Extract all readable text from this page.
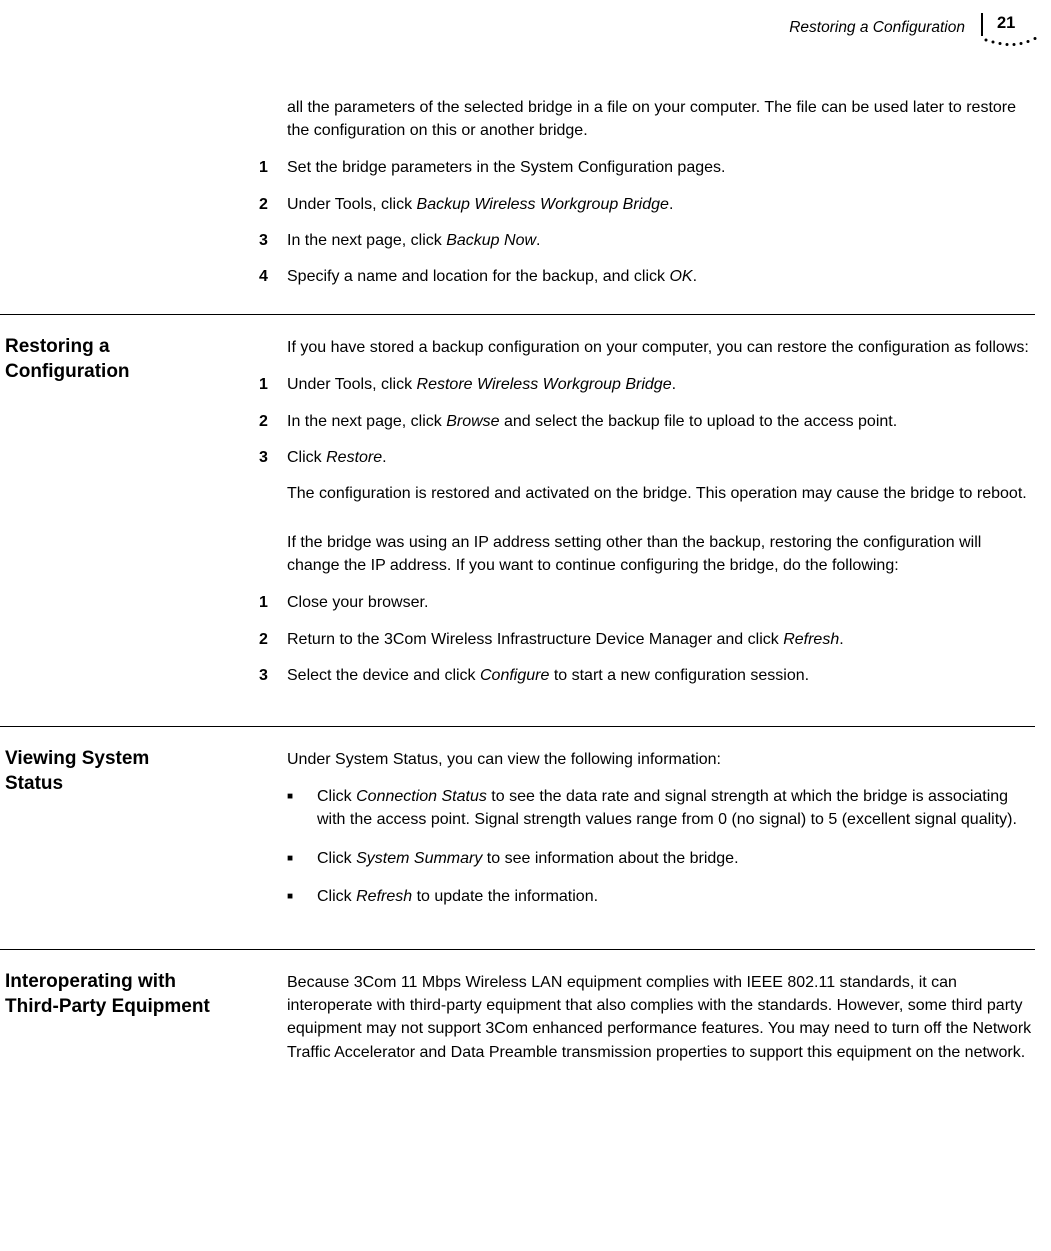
Restoring a Configuration	21

all the parameters of the selected bridge in a file on your computer. The file can be used later to restore the configuration on this or another bridge.

1	Set the bridge parameters in the System Configuration pages.
2	Under Tools, click Backup Wireless Workgroup Bridge.
3	In the next page, click Backup Now.
4	Specify a name and location for the backup, and click OK.
Restoring a
Configuration

If you have stored a backup configuration on your computer, you can restore the configuration as follows:

1	Under Tools, click Restore Wireless Workgroup Bridge.
2	In the next page, click Browse and select the backup file to upload to the access point.
3	Click Restore.

The configuration is restored and activated on the bridge. This operation may cause the bridge to reboot.

If the bridge was using an IP address setting other than the backup, restoring the configuration will change the IP address. If you want to continue configuring the bridge, do the following:

1	Close your browser.
2	Return to the 3Com Wireless Infrastructure Device Manager and click Refresh.
3	Select the device and click Configure to start a new configuration session.
Viewing System
Status

Under System Status, you can view the following information:

■	Click Connection Status to see the data rate and signal strength at which the bridge is associating with the access point. Signal strength values range from 0 (no signal) to 5 (excellent signal quality).
■	Click System Summary to see information about the bridge.
■	Click Refresh to update the information.
Interoperating with
Third-Party Equipment

Because 3Com 11 Mbps Wireless LAN equipment complies with IEEE 802.11 standards, it can interoperate with third-party equipment that also complies with the standards. However, some third party equipment may not support 3Com enhanced performance features. You may need to turn off the Network Traffic Accelerator and Data Preamble transmission properties to support this equipment on the network.
